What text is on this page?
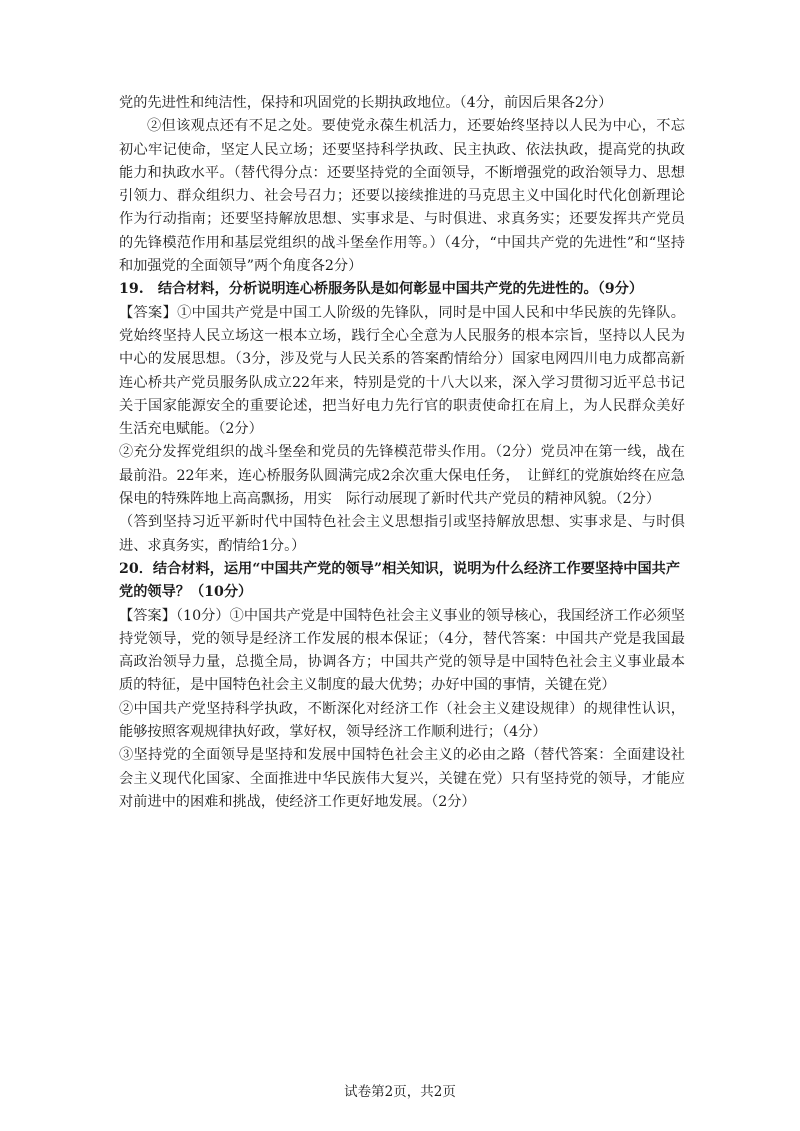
党的先进性和纯洁性，保持和巩固党的长期执政地位。（4分，前因后果各2分）

②但该观点还有不足之处。要使党永葆生机活力，还要始终坚持以人民为中心，不忘初心牢记使命，坚定人民立场；还要坚持科学执政、民主执政、依法执政，提高党的执政能力和执政水平。（替代得分点：还要坚持党的全面领导，不断增强党的政治领导力、思想引领力、群众组织力、社会号召力；还要以接续推进的马克思主义中国化时代化创新理论作为行动指南；还要坚持解放思想、实事求是、与时俱进、求真务实；还要发挥共产党员的先锋模范作用和基层党组织的战斗堡垒作用等。）（4分，“中国共产党的先进性”和“坚持和加强党的全面领导”两个角度各2分）

19.　结合材料，分析说明连心桥服务队是如何彰显中国共产党的先进性的。（9分）

【答案】①中国共产党是中国工人阶级的先锋队，同时是中国人民和中华民族的先锋队。党始终坚持人民立场这一根本立场，践行全心全意为人民服务的根本宗旨，坚持以人民为中心的发展思想。（3分，涉及党与人民关系的答案酌情给分）国家电网四川电力成都高新连心桥共产党员服务队成立22年来，特别是党的十八大以来，深入学习贯彻习近平总书记关于国家能源安全的重要论述，把当好电力先行官的职责使命扛在肩上，为人民群众美好生活充电赋能。（2分）

②充分发挥党组织的战斗堡垒和党员的先锋模范带头作用。（2分）党员冲在第一线，战在最前沿。22年来，连心桥服务队圆满完成2余次重大保电任务，　让鲜红的党旗始终在应急保电的特殊阵地上高高飘扬，用实　际行动展现了新时代共产党员的精神风貌。（2分）

（答到坚持习近平新时代中国特色社会主义思想指引或坚持解放思想、实事求是、与时俱进、求真务实，酌情给1分。）

20．结合材料，运用“中国共产党的领导”相关知识，说明为什么经济工作要坚持中国共产党的领导？（10分）

【答案】（10分）①中国共产党是中国特色社会主义事业的领导核心，我国经济工作必须坚持党领导，党的领导是经济工作发展的根本保证；（4分，替代答案：中国共产党是我国最高政治领导力量，总揽全局，协调各方；中国共产党的领导是中国特色社会主义事业最本质的特征，是中国特色社会主义制度的最大优势；办好中国的事情，关键在党）

②中国共产党坚持科学执政，不断深化对经济工作（社会主义建设规律）的规律性认识，能够按照客观规律执好政，掌好权，领导经济工作顺利进行；（4分）

③坚持党的全面领导是坚持和发展中国特色社会主义的必由之路（替代答案：全面建设社会主义现代化国家、全面推进中华民族伟大复兴，关键在党）只有坚持党的领导，才能应对前进中的困难和挑战，使经济工作更好地发展。（2分）

试卷第2页，共2页
